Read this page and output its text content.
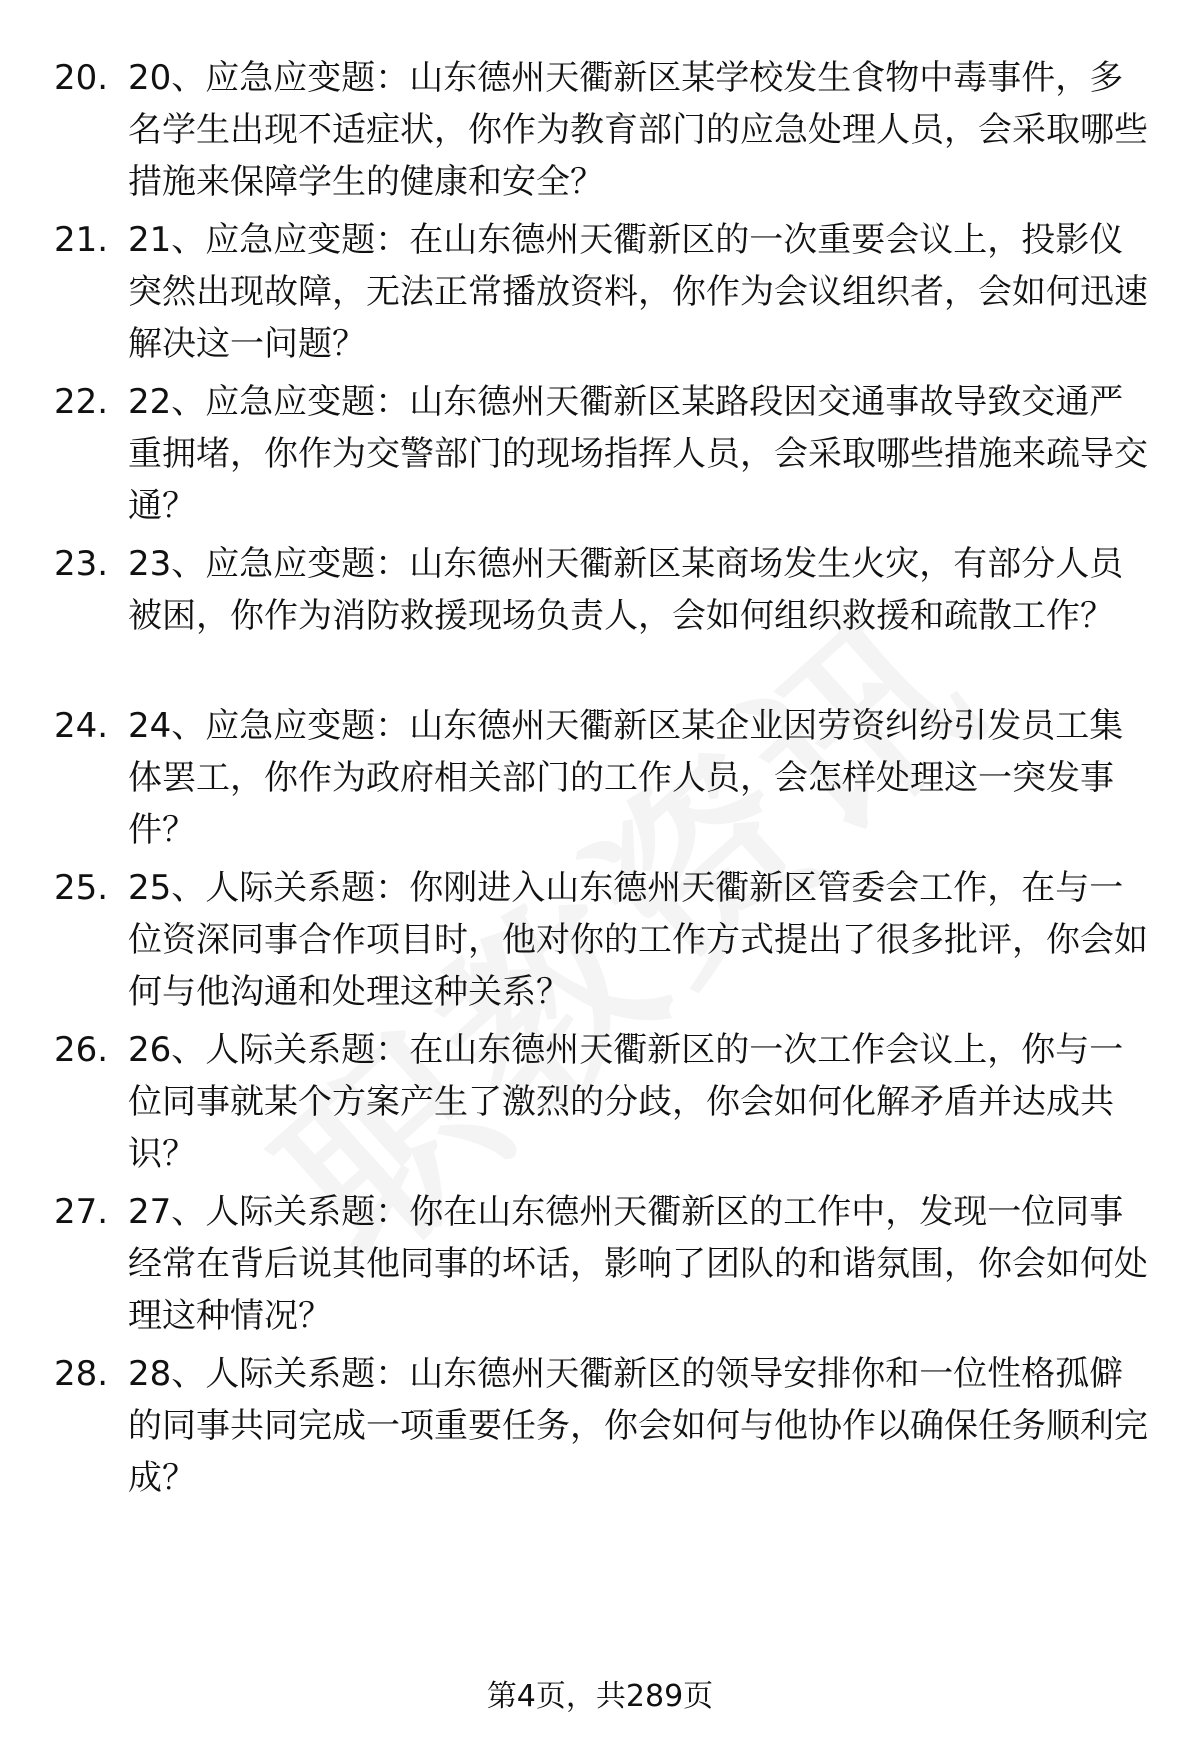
20. 20、应急应变题：山东德州天衢新区某学校发生食物中毒事件，多名学生出现不适症状，你作为教育部门的应急处理人员，会采取哪些措施来保障学生的健康和安全？

21. 21、应急应变题：在山东德州天衢新区的一次重要会议上，投影仪突然出现故障，无法正常播放资料，你作为会议组织者，会如何迅速解决这一问题？

22. 22、应急应变题：山东德州天衢新区某路段因交通事故导致交通严重拥堵，你作为交警部门的现场指挥人员，会采取哪些措施来疏导交通？

23. 23、应急应变题：山东德州天衢新区某商场发生火灾，有部分人员被困，你作为消防救援现场负责人，会如何组织救援和疏散工作？

24. 24、应急应变题：山东德州天衢新区某企业因劳资纠纷引发员工集体罢工，你作为政府相关部门的工作人员，会怎样处理这一突发事件？

25. 25、人际关系题：你刚进入山东德州天衢新区管委会工作，在与一位资深同事合作项目时，他对你的工作方式提出了很多批评，你会如何与他沟通和处理这种关系？

26. 26、人际关系题：在山东德州天衢新区的一次工作会议上，你与一位同事就某个方案产生了激烈的分歧，你会如何化解矛盾并达成共识？

27. 27、人际关系题：你在山东德州天衢新区的工作中，发现一位同事经常在背后说其他同事的坏话，影响了团队的和谐氛围，你会如何处理这种情况？

28. 28、人际关系题：山东德州天衢新区的领导安排你和一位性格孤僻的同事共同完成一项重要任务，你会如何与他协作以确保任务顺利完成？

第4页，共289页
